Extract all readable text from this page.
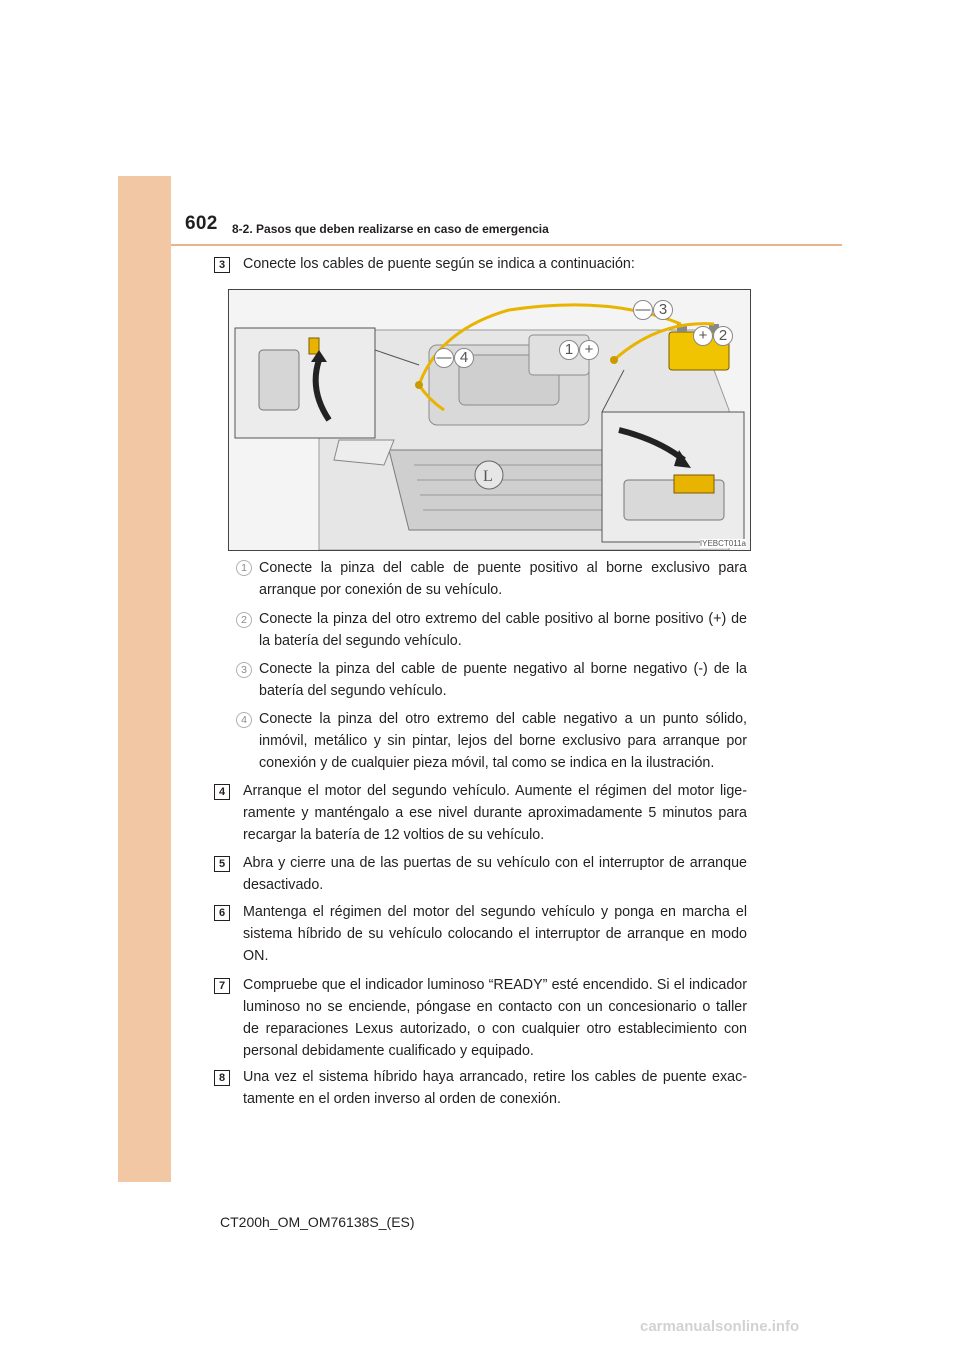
602 8-2. Pasos que deben realizarse en caso de emergencia
3	Conecte los cables de puente según se indica a continuación:
L
— 3
+ 2
1 +
— 4
IYEBCT011a
1 Conecte la pinza del cable de puente positivo al borne exclusivo para arranque por conexión de su vehículo.
2 Conecte la pinza del otro extremo del cable positivo al borne positivo (+) de la batería del segundo vehículo.
3 Conecte la pinza del cable de puente negativo al borne negativo (-) de la batería del segundo vehículo.
4 Conecte la pinza del otro extremo del cable negativo a un punto sólido, inmóvil, metálico y sin pintar, lejos del borne exclusivo para arranque por conexión y de cualquier pieza móvil, tal como se indica en la ilustración.
4	Arranque el motor del segundo vehículo. Aumente el régimen del motor ligeramente y manténgalo a ese nivel durante aproximadamente 5 minutos para recargar la batería de 12 voltios de su vehículo.
5	Abra y cierre una de las puertas de su vehículo con el interruptor de arranque desactivado.
6	Mantenga el régimen del motor del segundo vehículo y ponga en marcha el sistema híbrido de su vehículo colocando el interruptor de arranque en modo ON.
7	Compruebe que el indicador luminoso “READY” esté encendido. Si el indicador luminoso no se enciende, póngase en contacto con un concesionario o taller de reparaciones Lexus autorizado, o con cualquier otro establecimiento con personal debidamente cualificado y equipado.
8	Una vez el sistema híbrido haya arrancado, retire los cables de puente exactamente en el orden inverso al orden de conexión.
CT200h_OM_OM76138S_(ES)
carmanualsonline.info
